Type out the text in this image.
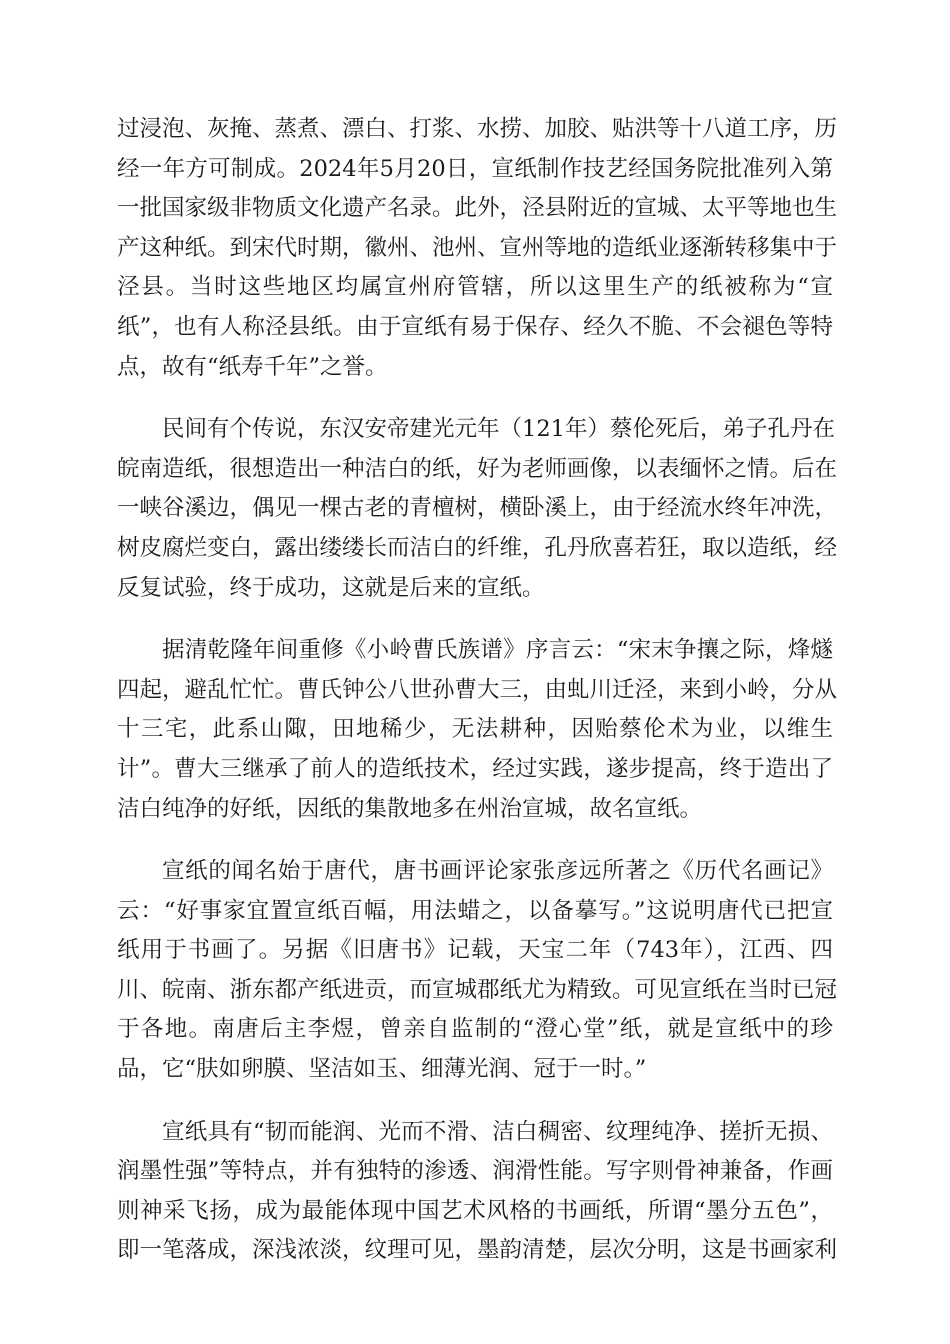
过浸泡、灰掩、蒸煮、漂白、打浆、水捞、加胶、贴洪等十八道工序，历
经一年方可制成。2024年5月20日，宣纸制作技艺经国务院批准列入第
一批国家级非物质文化遗产名录。此外，泾县附近的宣城、太平等地也生
产这种纸。到宋代时期，徽州、池州、宣州等地的造纸业逐渐转移集中于
泾县。当时这些地区均属宣州府管辖，所以这里生产的纸被称为“宣
纸”，也有人称泾县纸。由于宣纸有易于保存、经久不脆、不会褪色等特
点，故有“纸寿千年”之誉。
民间有个传说，东汉安帝建光元年（121年）蔡伦死后，弟子孔丹在
皖南造纸，很想造出一种洁白的纸，好为老师画像，以表缅怀之情。后在
一峡谷溪边，偶见一棵古老的青檀树，横卧溪上，由于经流水终年冲洗，
树皮腐烂变白，露出缕缕长而洁白的纤维，孔丹欣喜若狂，取以造纸，经
反复试验，终于成功，这就是后来的宣纸。
据清乾隆年间重修《小岭曹氏族谱》序言云：“宋末争攘之际，烽燧
四起，避乱忙忙。曹氏钟公八世孙曹大三，由虬川迁泾，来到小岭，分从
十三宅，此系山陬，田地稀少，无法耕种，因贻蔡伦术为业，以维生
计”。曹大三继承了前人的造纸技术，经过实践，遂步提高，终于造出了
洁白纯净的好纸，因纸的集散地多在州治宣城，故名宣纸。
宣纸的闻名始于唐代，唐书画评论家张彦远所著之《历代名画记》
云：“好事家宜置宣纸百幅，用法蜡之，以备摹写。”这说明唐代已把宣
纸用于书画了。另据《旧唐书》记载，天宝二年（743年），江西、四
川、皖南、浙东都产纸进贡，而宣城郡纸尤为精致。可见宣纸在当时已冠
于各地。南唐后主李煜，曾亲自监制的“澄心堂”纸，就是宣纸中的珍
品，它“肤如卵膜、坚洁如玉、细薄光润、冠于一时。”
宣纸具有“韧而能润、光而不滑、洁白稠密、纹理纯净、搓折无损、
润墨性强”等特点，并有独特的渗透、润滑性能。写字则骨神兼备，作画
则神采飞扬，成为最能体现中国艺术风格的书画纸，所谓“墨分五色”，
即一笔落成，深浅浓淡，纹理可见，墨韵清楚，层次分明，这是书画家利
